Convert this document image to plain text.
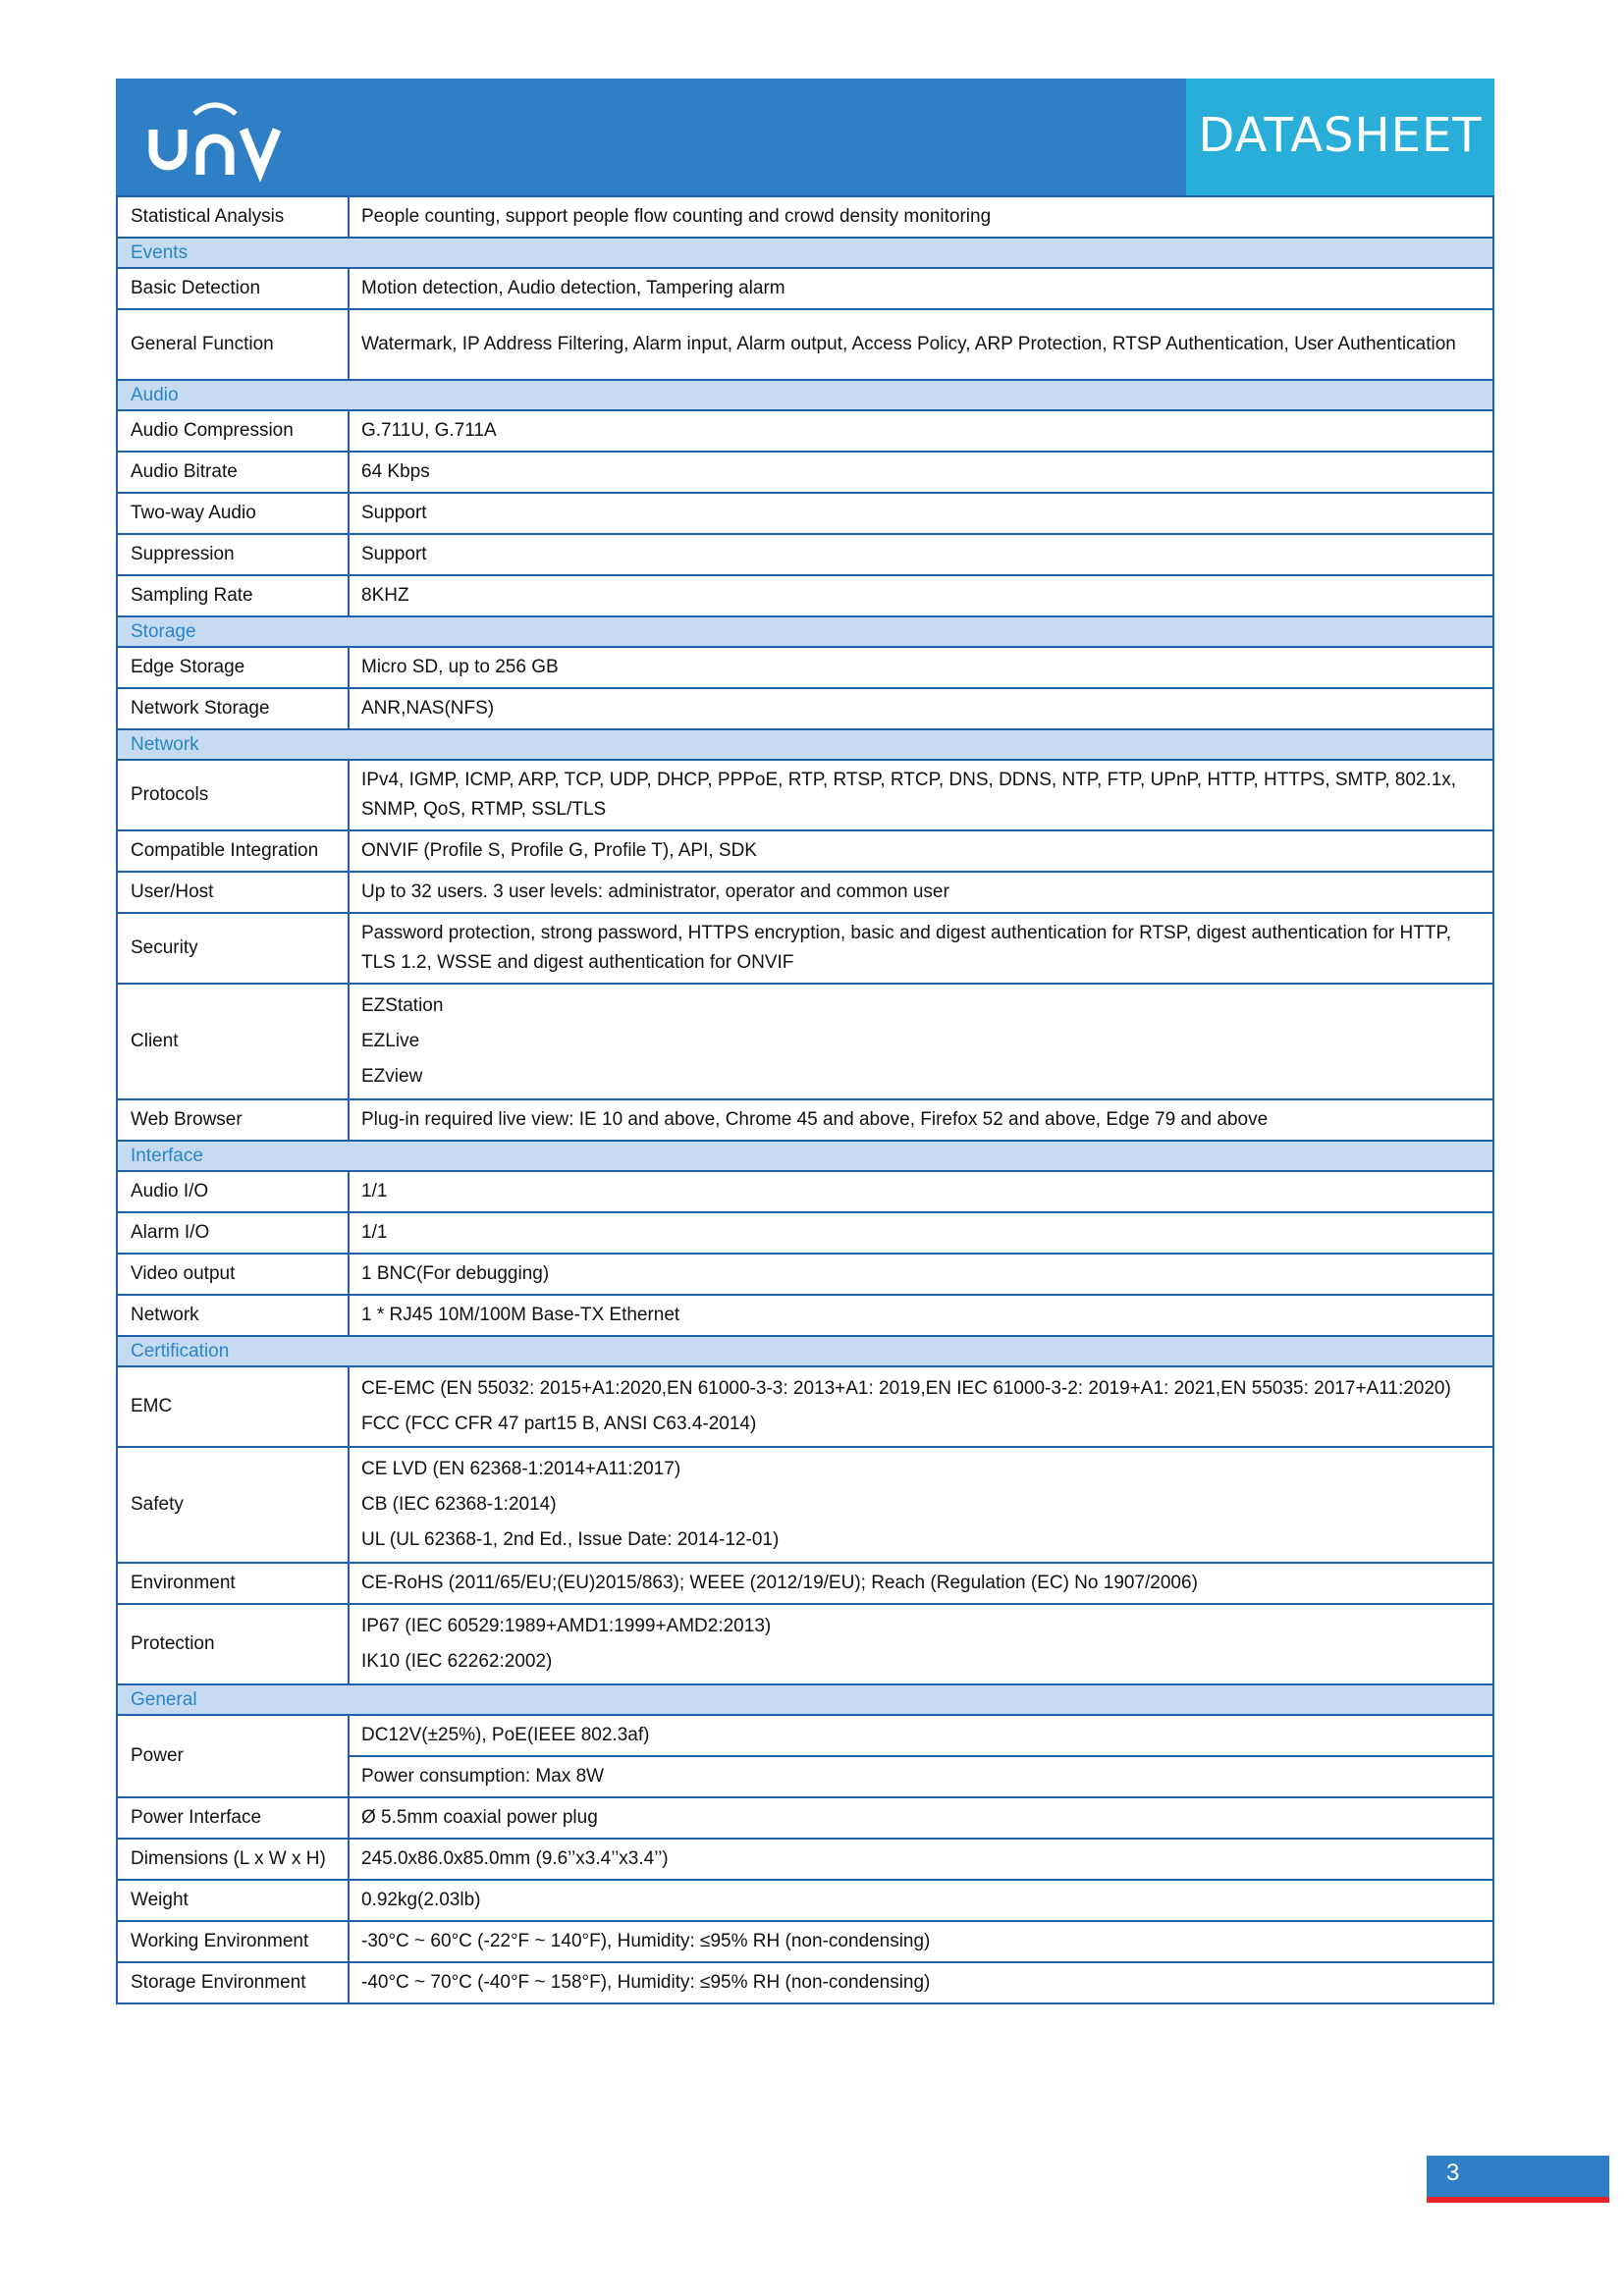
DATASHEET
Statistical Analysis	People counting, support people flow counting and crowd density monitoring

Events	
Basic Detection	Motion detection, Audio detection, Tampering alarm

General Function	Watermark, IP Address Filtering, Alarm input, Alarm output, Access Policy, ARP Protection, RTSP Authentication, User Authentication

Audio	
Audio Compression	G.711U, G.711A

Audio Bitrate	64 Kbps

Two-way Audio	Support

Suppression	Support

Sampling Rate	8KHZ

Storage	
Edge Storage	Micro SD, up to 256 GB

Network Storage	ANR,NAS(NFS)

Network	
Protocols	IPv4, IGMP, ICMP, ARP, TCP, UDP, DHCP, PPPoE, RTP, RTSP, RTCP, DNS, DDNS, NTP, FTP, UPnP, HTTP, HTTPS, SMTP, 802.1x, SNMP, QoS, RTMP, SSL/TLS

Compatible Integration	ONVIF (Profile S, Profile G, Profile T), API, SDK

User/Host	Up to 32 users. 3 user levels: administrator, operator and common user

Security	Password protection, strong password, HTTPS encryption, basic and digest authentication for RTSP, digest authentication for HTTP, TLS 1.2, WSSE and digest authentication for ONVIF

Client	EZStation
EZLive
EZview

Web Browser	Plug-in required live view: IE 10 and above, Chrome 45 and above, Firefox 52 and above, Edge 79 and above

Interface	
Audio I/O	1/1

Alarm I/O	1/1

Video output	1 BNC(For debugging)

Network	1 * RJ45 10M/100M Base-TX Ethernet

Certification	
EMC	CE-EMC (EN 55032: 2015+A1:2020,EN 61000-3-3: 2013+A1: 2019,EN IEC 61000-3-2: 2019+A1: 2021,EN 55035: 2017+A11:2020)
FCC (FCC CFR 47 part15 B, ANSI C63.4-2014)

Safety	CE LVD (EN 62368-1:2014+A11:2017)
CB (IEC 62368-1:2014)
UL (UL 62368-1, 2nd Ed., Issue Date: 2014-12-01)

Environment	CE-RoHS (2011/65/EU;(EU)2015/863); WEEE (2012/19/EU); Reach (Regulation (EC) No 1907/2006)

Protection	IP67 (IEC 60529:1989+AMD1:1999+AMD2:2013)
IK10 (IEC 62262:2002)

General	
Power	DC12V(±25%), PoE(IEEE 802.3af)

	Power consumption: Max 8W

Power Interface	Ø 5.5mm coaxial power plug

Dimensions (L x W x H)	245.0x86.0x85.0mm (9.6’’x3.4’’x3.4’’)

Weight	0.92kg(2.03lb)

Working Environment	-30°C ~ 60°C (-22°F ~ 140°F), Humidity: ≤95% RH (non-condensing)

Storage Environment	-40°C ~ 70°C (-40°F ~ 158°F), Humidity: ≤95% RH (non-condensing)
3
